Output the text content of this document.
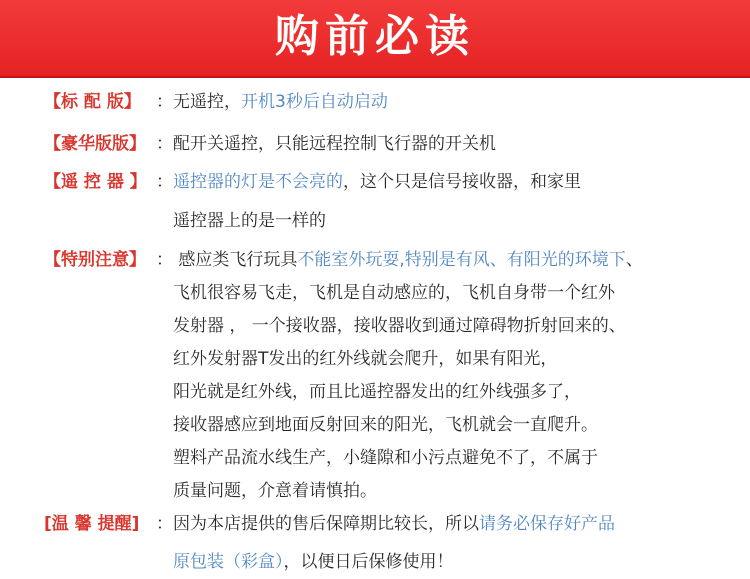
购前必读
【标 配 版】 ：无遥控，开机3秒后自动启动
【豪华版版】 ：配开关遥控，只能远程控制飞行器的开关机
【遥 控 器 】 ：遥控器的灯是不会亮的，这个只是信号接收器，和家里
遥控器上的是一样的
【特别注意】 ： 感应类飞行玩具不能室外玩耍,特别是有风、有阳光的环境下、
飞机很容易飞走，飞机是自动感应的，飞机自身带一个红外
发射器 ， 一个接收器，接收器收到通过障碍物折射回来的、
红外发射器T发出的红外线就会爬升，如果有阳光，
阳光就是红外线，而且比遥控器发出的红外线强多了，
接收器感应到地面反射回来的阳光，飞机就会一直爬升。
塑料产品流水线生产，小缝隙和小污点避免不了，不属于
质量问题，介意着请慎拍。
[温 馨 提醒] ：因为本店提供的售后保障期比较长，所以请务必保存好产品
原包装（彩盒），以便日后保修使用！
